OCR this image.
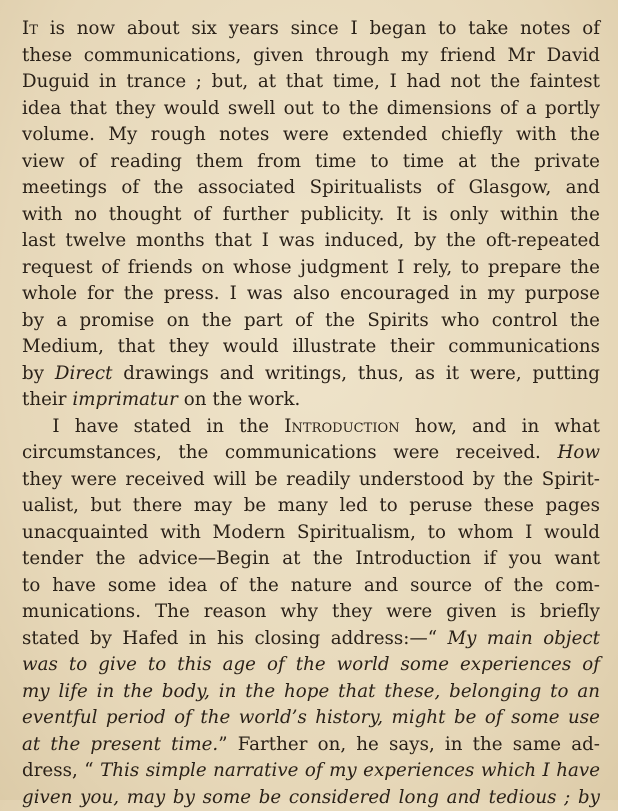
It is now about six years since I began to take notes of
these communications, given through my friend Mr David
Duguid in trance ; but, at that time, I had not the faintest
idea that they would swell out to the dimensions of a portly
volume. My rough notes were extended chiefly with the
view of reading them from time to time at the private
meetings of the associated Spiritualists of Glasgow, and
with no thought of further publicity. It is only within the
last twelve months that I was induced, by the oft-repeated
request of friends on whose judgment I rely, to prepare the
whole for the press. I was also encouraged in my purpose
by a promise on the part of the Spirits who control the
Medium, that they would illustrate their communications
by Direct drawings and writings, thus, as it were, putting
their imprimatur on the work.
I have stated in the Introduction how, and in what
circumstances, the communications were received. How
they were received will be readily understood by the Spirit-
ualist, but there may be many led to peruse these pages
unacquainted with Modern Spiritualism, to whom I would
tender the advice—Begin at the Introduction if you want
to have some idea of the nature and source of the com-
munications. The reason why they were given is briefly
stated by Hafed in his closing address:—“ My main object
was to give to this age of the world some experiences of
my life in the body, in the hope that these, belonging to an
eventful period of the world’s history, might be of some use
at the present time.” Farther on, he says, in the same ad-
dress, “ This simple narrative of my experiences which I have
given you, may by some be considered long and tedious ; by
